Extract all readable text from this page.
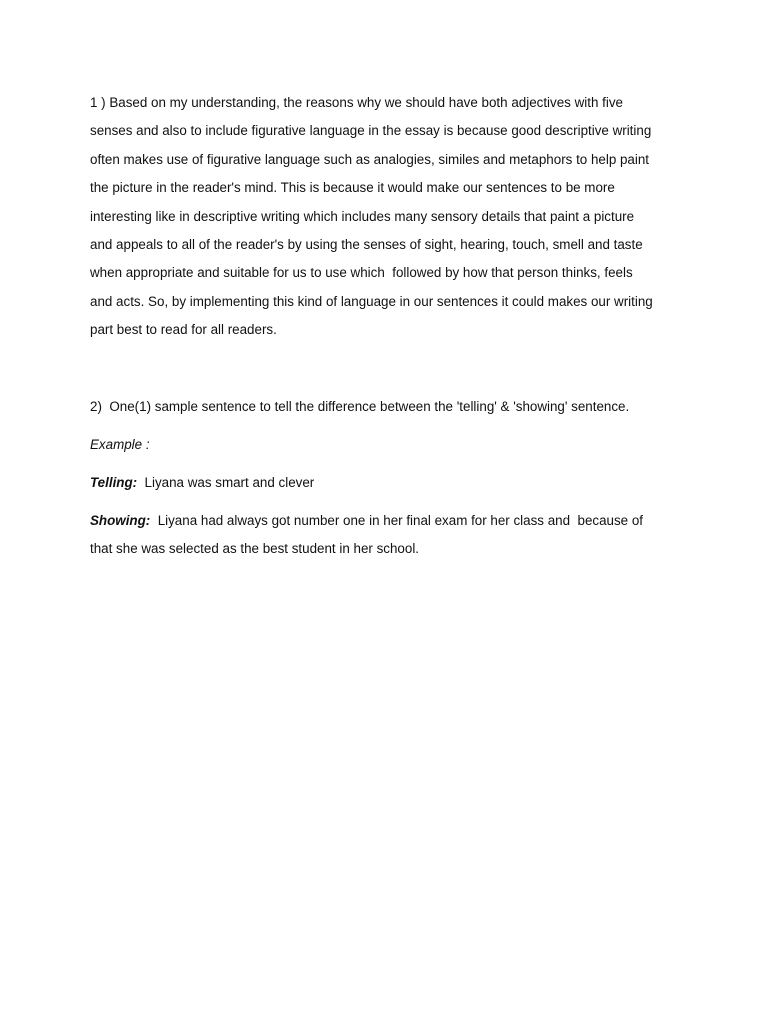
1 ) Based on my understanding, the reasons why we should have both adjectives with five
senses and also to include figurative language in the essay is because good descriptive writing
often makes use of figurative language such as analogies, similes and metaphors to help paint
the picture in the reader's mind. This is because it would make our sentences to be more
interesting like in descriptive writing which includes many sensory details that paint a picture
and appeals to all of the reader's by using the senses of sight, hearing, touch, smell and taste
when appropriate and suitable for us to use which  followed by how that person thinks, feels
and acts. So, by implementing this kind of language in our sentences it could makes our writing
part best to read for all readers.

2)  One(1) sample sentence to tell the difference between the 'telling' & 'showing' sentence.

Example :

Telling:  Liyana was smart and clever

Showing:  Liyana had always got number one in her final exam for her class and  because of
that she was selected as the best student in her school.
